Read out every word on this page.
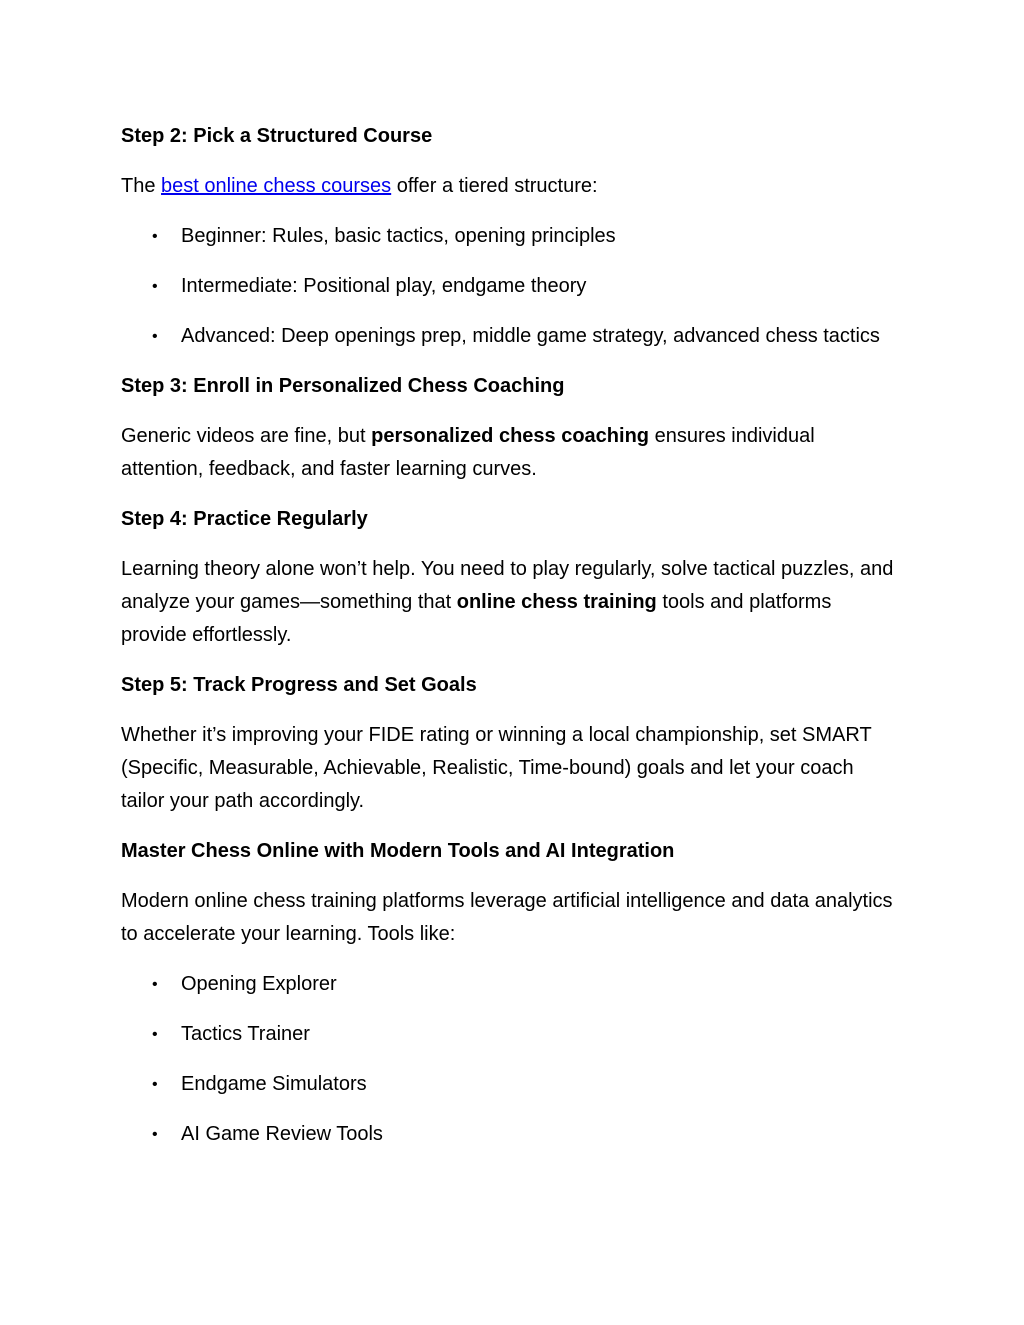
Step 2: Pick a Structured Course
The best online chess courses offer a tiered structure:
• Beginner: Rules, basic tactics, opening principles
• Intermediate: Positional play, endgame theory
• Advanced: Deep openings prep, middle game strategy, advanced chess tactics
Step 3: Enroll in Personalized Chess Coaching
Generic videos are fine, but personalized chess coaching ensures individual attention, feedback, and faster learning curves.
Step 4: Practice Regularly
Learning theory alone won’t help. You need to play regularly, solve tactical puzzles, and analyze your games—something that online chess training tools and platforms provide effortlessly.
Step 5: Track Progress and Set Goals
Whether it’s improving your FIDE rating or winning a local championship, set SMART (Specific, Measurable, Achievable, Realistic, Time-bound) goals and let your coach tailor your path accordingly.
Master Chess Online with Modern Tools and AI Integration
Modern online chess training platforms leverage artificial intelligence and data analytics to accelerate your learning. Tools like:
• Opening Explorer
• Tactics Trainer
• Endgame Simulators
• AI Game Review Tools
